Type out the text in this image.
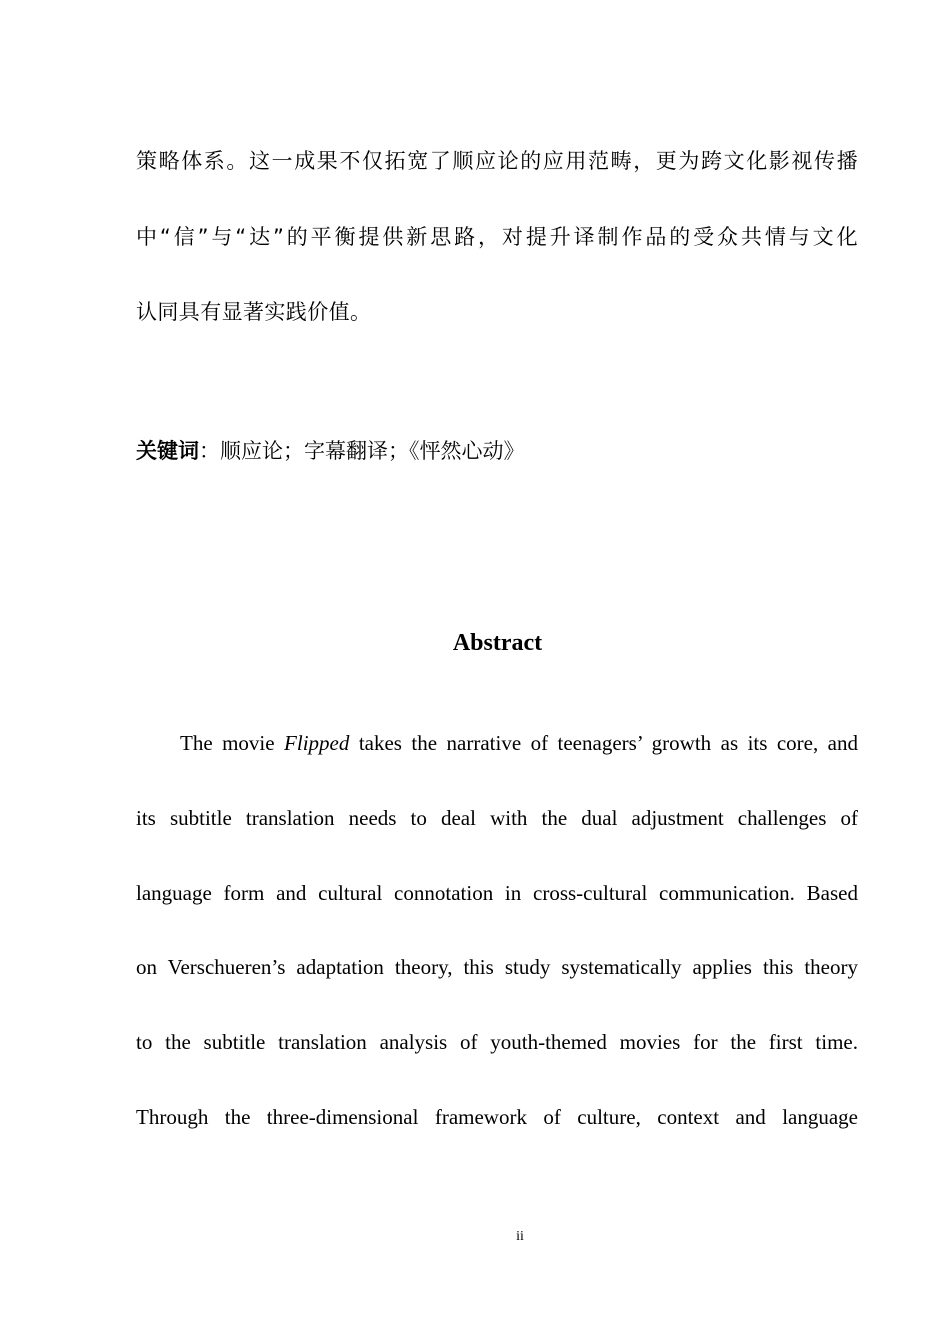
策略体系。这一成果不仅拓宽了顺应论的应用范畴，更为跨文化影视传播
中“信”与“达”的平衡提供新思路，对提升译制作品的受众共情与文化
认同具有显著实践价值。
关键词：顺应论；字幕翻译；《怦然心动》
Abstract
The movie Flipped takes the narrative of teenagers’ growth as its core, and
its subtitle translation needs to deal with the dual adjustment challenges of
language form and cultural connotation in cross-cultural communication. Based
on Verschueren’s adaptation theory, this study systematically applies this theory
to the subtitle translation analysis of youth-themed movies for the first time.
Through the three-dimensional framework of culture, context and language
ii
